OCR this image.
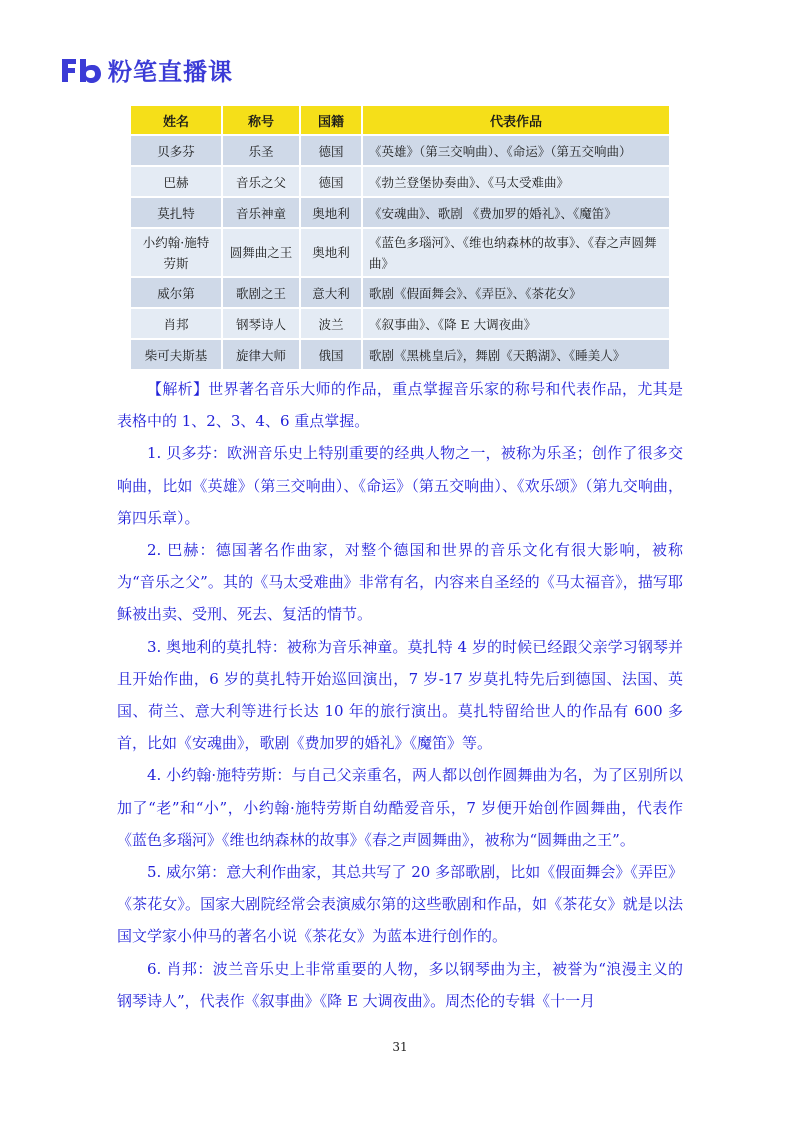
粉笔直播课
姓名	称号	国籍	代表作品
贝多芬	乐圣	德国	《英雄》（第三交响曲）、《命运》（第五交响曲）
巴赫	音乐之父	德国	《勃兰登堡协奏曲》、《马太受难曲》
莫扎特	音乐神童	奥地利	《安魂曲》、歌剧 《费加罗的婚礼》、《魔笛》
小约翰·施特劳斯	圆舞曲之王	奥地利	《蓝色多瑙河》、《维也纳森林的故事》、《春之声圆舞曲》
威尔第	歌剧之王	意大利	歌剧《假面舞会》、《弄臣》、《茶花女》
肖邦	钢琴诗人	波兰	《叙事曲》、《降 E 大调夜曲》
柴可夫斯基	旋律大师	俄国	歌剧《黑桃皇后》，舞剧《天鹅湖》、《睡美人》

【解析】世界著名音乐大师的作品，重点掌握音乐家的称号和代表作品，尤其是表格中的 1、2、3、4、6 重点掌握。

1. 贝多芬：欧洲音乐史上特别重要的经典人物之一，被称为乐圣；创作了很多交响曲，比如《英雄》（第三交响曲）、《命运》（第五交响曲）、《欢乐颂》（第九交响曲，第四乐章）。

2. 巴赫：德国著名作曲家，对整个德国和世界的音乐文化有很大影响，被称为“音乐之父”。其的《马太受难曲》非常有名，内容来自圣经的《马太福音》，描写耶稣被出卖、受刑、死去、复活的情节。

3. 奥地利的莫扎特：被称为音乐神童。莫扎特 4 岁的时候已经跟父亲学习钢琴并且开始作曲，6 岁的莫扎特开始巡回演出，7 岁-17 岁莫扎特先后到德国、法国、英国、荷兰、意大利等进行长达 10 年的旅行演出。莫扎特留给世人的作品有 600 多首，比如《安魂曲》，歌剧《费加罗的婚礼》《魔笛》等。

4. 小约翰·施特劳斯：与自己父亲重名，两人都以创作圆舞曲为名，为了区别所以加了“老”和“小”，小约翰·施特劳斯自幼酷爱音乐，7 岁便开始创作圆舞曲，代表作《蓝色多瑙河》《维也纳森林的故事》《春之声圆舞曲》，被称为“圆舞曲之王”。

5. 威尔第：意大利作曲家，其总共写了 20 多部歌剧，比如《假面舞会》《弄臣》《茶花女》。国家大剧院经常会表演威尔第的这些歌剧和作品，如《茶花女》就是以法国文学家小仲马的著名小说《茶花女》为蓝本进行创作的。

6. 肖邦：波兰音乐史上非常重要的人物，多以钢琴曲为主，被誉为“浪漫主义的钢琴诗人”，代表作《叙事曲》《降 E 大调夜曲》。周杰伦的专辑《十一月

31
